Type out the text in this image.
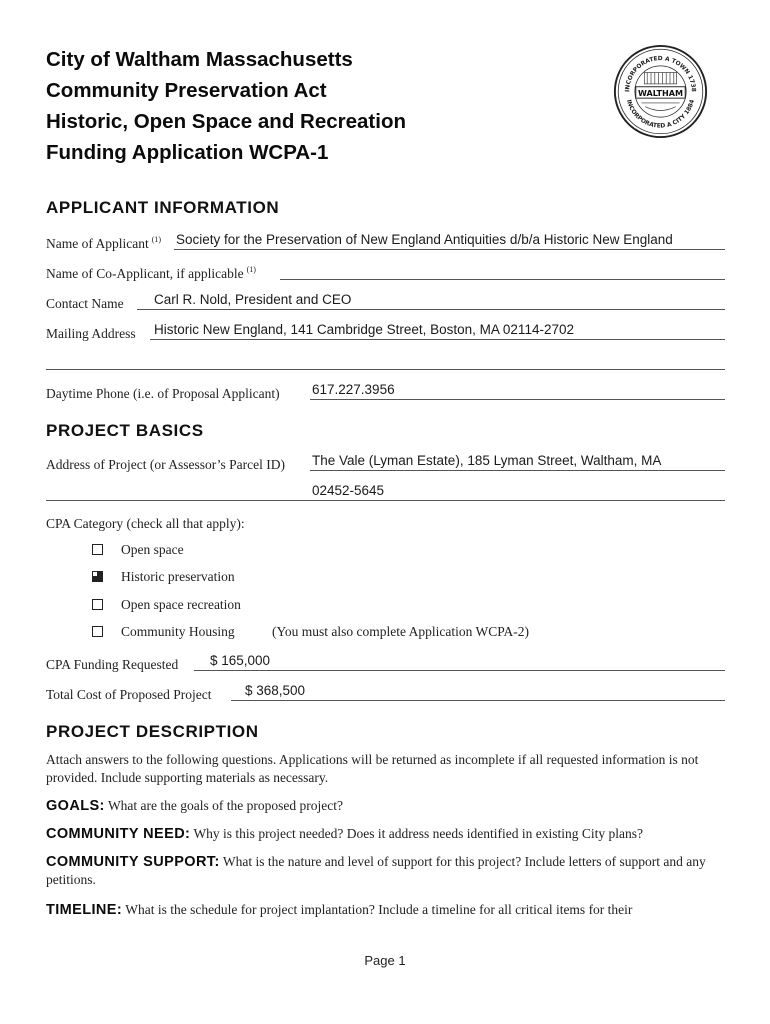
City of Waltham Massachusetts
Community Preservation Act
Historic, Open Space and Recreation
Funding Application WCPA-1
INCORPORATED A TOWN 1738
INCORPORATED A CITY 1884
WALTHAM
APPLICANT INFORMATION
Name of Applicant $^{(1)}$ Society for the Preservation of New England Antiquities d/b/a Historic New England
Name of Co-Applicant, if applicable $^{(1)}$
Contact Name Carl R. Nold, President and CEO
Mailing Address Historic New England, 141 Cambridge Street, Boston, MA 02114-2702
Daytime Phone (i.e. of Proposal Applicant) 617.227.3956
PROJECT BASICS
Address of Project (or Assessor’s Parcel ID) The Vale (Lyman Estate), 185 Lyman Street, Waltham, MA
02452-5645
CPA Category (check all that apply):
Open space
Historic preservation
Open space recreation
Community Housing	(You must also complete Application WCPA-2)
CPA Funding Requested $ 165,000
Total Cost of Proposed Project $ 368,500
PROJECT DESCRIPTION

Attach answers to the following questions. Applications will be returned as incomplete if all requested information is not provided. Include supporting materials as necessary.

GOALS: What are the goals of the proposed project?

COMMUNITY NEED: Why is this project needed? Does it address needs identified in existing City plans?

COMMUNITY SUPPORT: What is the nature and level of support for this project? Include letters of support and any petitions.

TIMELINE: What is the schedule for project implantation? Include a timeline for all critical items for their

Page 1
